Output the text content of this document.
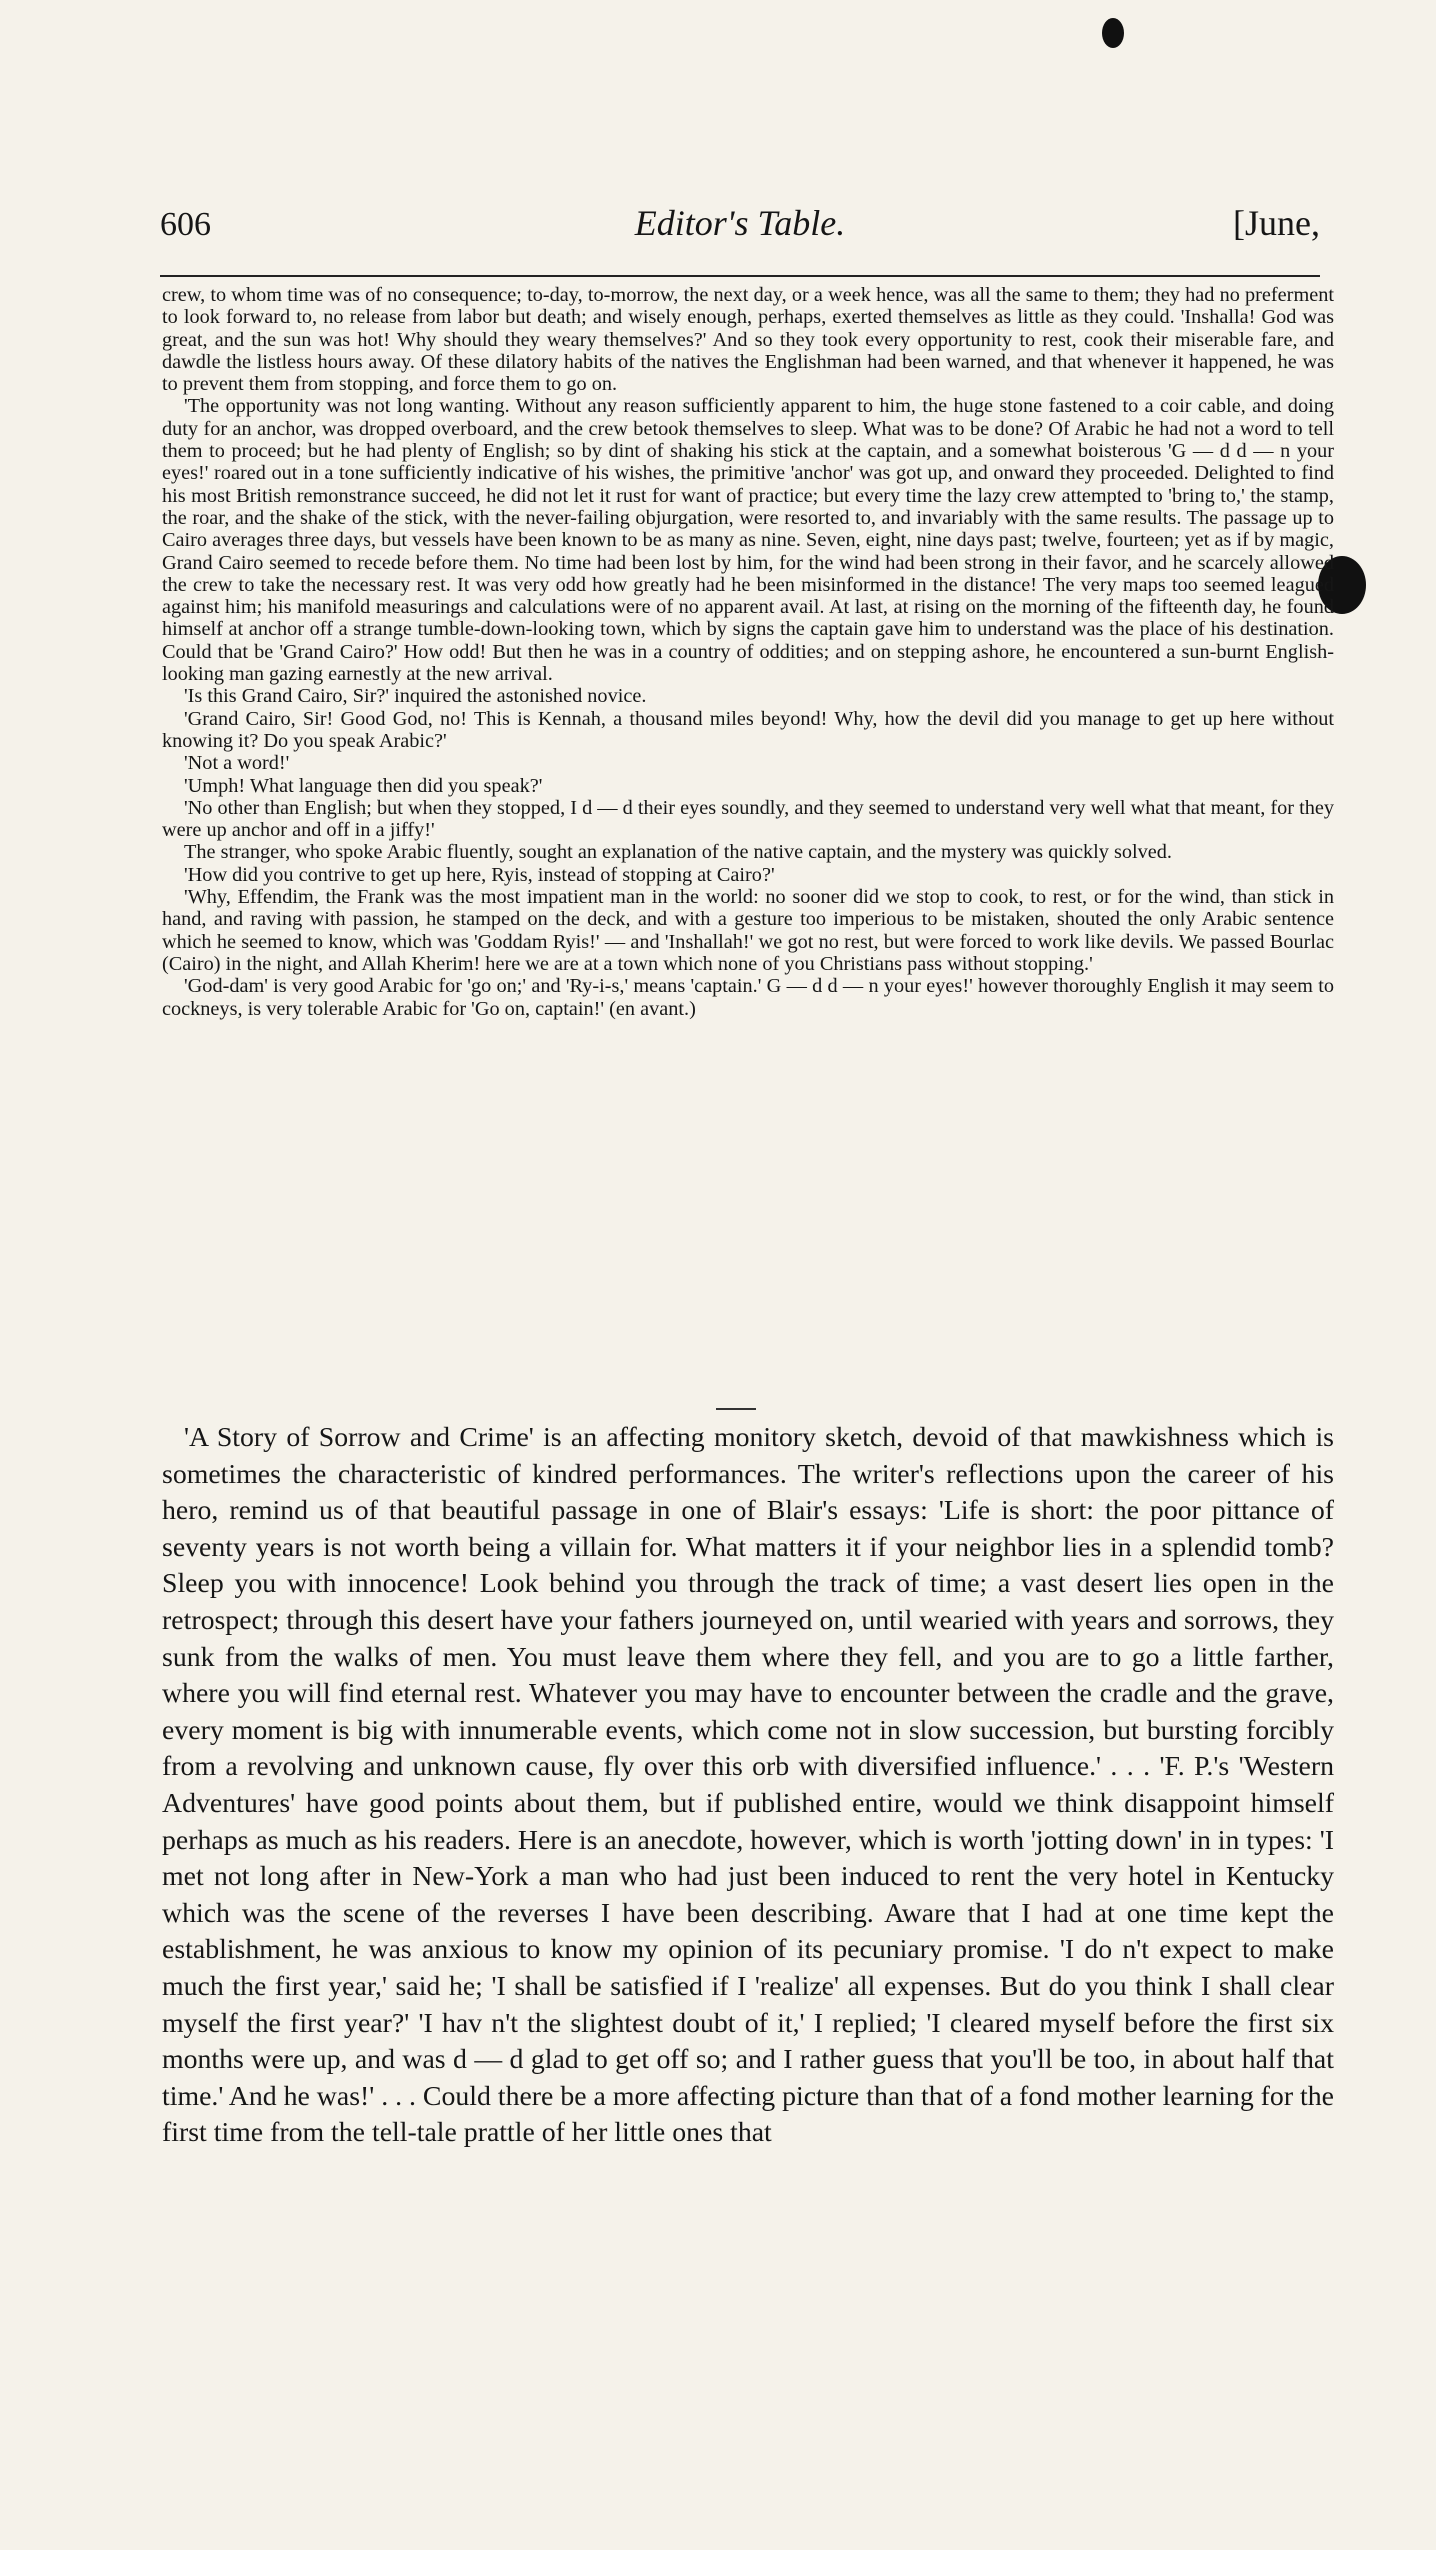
606	Editor's Table.	[June,

crew, to whom time was of no consequence; to-day, to-morrow, the next day, or a week hence, was all the same to them; they had no preferment to look forward to, no release from labor but death; and wisely enough, perhaps, exerted themselves as little as they could. 'Inshalla! God was great, and the sun was hot! Why should they weary themselves?' And so they took every opportunity to rest, cook their miserable fare, and dawdle the listless hours away. Of these dilatory habits of the natives the Englishman had been warned, and that whenever it happened, he was to prevent them from stopping, and force them to go on.

'The opportunity was not long wanting. Without any reason sufficiently apparent to him, the huge stone fastened to a coir cable, and doing duty for an anchor, was dropped overboard, and the crew betook themselves to sleep. What was to be done? Of Arabic he had not a word to tell them to proceed; but he had plenty of English; so by dint of shaking his stick at the captain, and a somewhat boisterous 'G — d d — n your eyes!' roared out in a tone sufficiently indicative of his wishes, the primitive 'anchor' was got up, and onward they proceeded. Delighted to find his most British remonstrance succeed, he did not let it rust for want of practice; but every time the lazy crew attempted to 'bring to,' the stamp, the roar, and the shake of the stick, with the never-failing objurgation, were resorted to, and invariably with the same results. The passage up to Cairo averages three days, but vessels have been known to be as many as nine. Seven, eight, nine days past; twelve, fourteen; yet as if by magic, Grand Cairo seemed to recede before them. No time had been lost by him, for the wind had been strong in their favor, and he scarcely allowed the crew to take the necessary rest. It was very odd how greatly had he been misinformed in the distance! The very maps too seemed leagued against him; his manifold measurings and calculations were of no apparent avail. At last, at rising on the morning of the fifteenth day, he found himself at anchor off a strange tumble-down-looking town, which by signs the captain gave him to understand was the place of his destination. Could that be 'Grand Cairo?' How odd! But then he was in a country of oddities; and on stepping ashore, he encountered a sun-burnt English-looking man gazing earnestly at the new arrival.

'Is this Grand Cairo, Sir?' inquired the astonished novice.

'Grand Cairo, Sir! Good God, no! This is Kennah, a thousand miles beyond! Why, how the devil did you manage to get up here without knowing it? Do you speak Arabic?'

'Not a word!'

'Umph! What language then did you speak?'

'No other than English; but when they stopped, I d — d their eyes soundly, and they seemed to understand very well what that meant, for they were up anchor and off in a jiffy!'

The stranger, who spoke Arabic fluently, sought an explanation of the native captain, and the mystery was quickly solved.

'How did you contrive to get up here, Ryis, instead of stopping at Cairo?'

'Why, Effendim, the Frank was the most impatient man in the world: no sooner did we stop to cook, to rest, or for the wind, than stick in hand, and raving with passion, he stamped on the deck, and with a gesture too imperious to be mistaken, shouted the only Arabic sentence which he seemed to know, which was 'Goddam Ryis!' — and 'Inshallah!' we got no rest, but were forced to work like devils. We passed Bourlac (Cairo) in the night, and Allah Kherim! here we are at a town which none of you Christians pass without stopping.'

'God-dam' is very good Arabic for 'go on;' and 'Ry-i-s,' means 'captain.' G — d d — n your eyes!' however thoroughly English it may seem to cockneys, is very tolerable Arabic for 'Go on, captain!' (en avant.)

'A Story of Sorrow and Crime' is an affecting monitory sketch, devoid of that mawkishness which is sometimes the characteristic of kindred performances. The writer's reflections upon the career of his hero, remind us of that beautiful passage in one of Blair's essays: 'Life is short: the poor pittance of seventy years is not worth being a villain for. What matters it if your neighbor lies in a splendid tomb? Sleep you with innocence! Look behind you through the track of time; a vast desert lies open in the retrospect; through this desert have your fathers journeyed on, until wearied with years and sorrows, they sunk from the walks of men. You must leave them where they fell, and you are to go a little farther, where you will find eternal rest. Whatever you may have to encounter between the cradle and the grave, every moment is big with innumerable events, which come not in slow succession, but bursting forcibly from a revolving and unknown cause, fly over this orb with diversified influence.' . . . 'F. P.'s 'Western Adventures' have good points about them, but if published entire, would we think disappoint himself perhaps as much as his readers. Here is an anecdote, however, which is worth 'jotting down' in in types: 'I met not long after in New-York a man who had just been induced to rent the very hotel in Kentucky which was the scene of the reverses I have been describing. Aware that I had at one time kept the establishment, he was anxious to know my opinion of its pecuniary promise. 'I do n't expect to make much the first year,' said he; 'I shall be satisfied if I 'realize' all expenses. But do you think I shall clear myself the first year?' 'I hav n't the slightest doubt of it,' I replied; 'I cleared myself before the first six months were up, and was d — d glad to get off so; and I rather guess that you'll be too, in about half that time.' And he was!' . . . Could there be a more affecting picture than that of a fond mother learning for the first time from the tell-tale prattle of her little ones that
